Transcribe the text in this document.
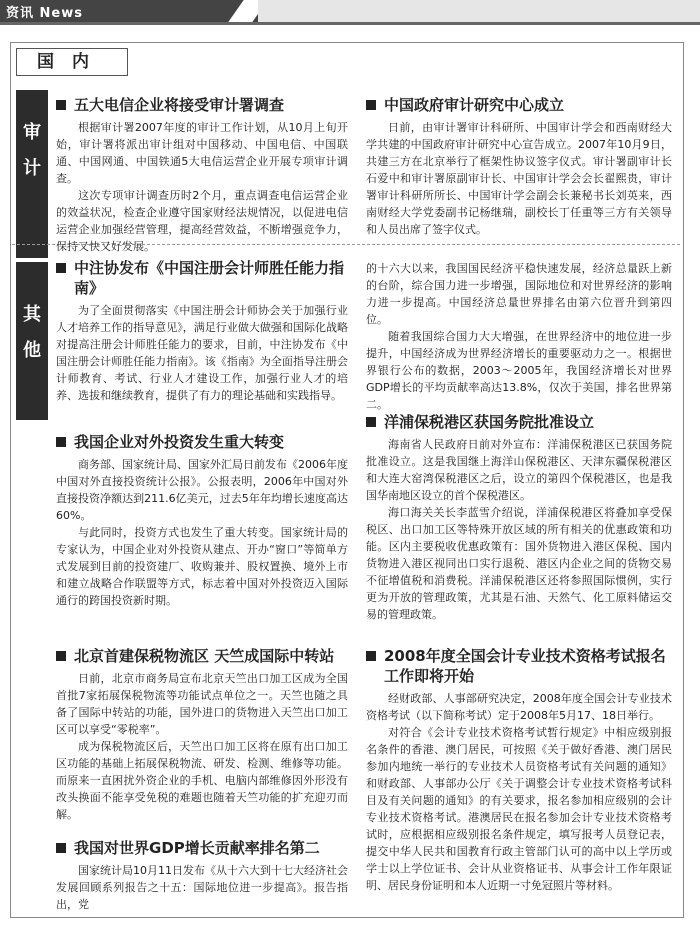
资讯 News
国内
审
计
其
他
五大电信企业将接受审计署调查

根据审计署2007年度的审计工作计划，从10月上旬开始，审计署将派出审计组对中国移动、中国电信、中国联通、中国网通、中国铁通5大电信运营企业开展专项审计调查。

这次专项审计调查历时2个月，重点调查电信运营企业的效益状况，检查企业遵守国家财经法规情况，以促进电信运营企业加强经营管理，提高经营效益，不断增强竞争力，保持又快又好发展。

中国政府审计研究中心成立

日前，由审计署审计科研所、中国审计学会和西南财经大学共建的中国政府审计研究中心宣告成立。2007年10月9日，共建三方在北京举行了框架性协议签字仪式。审计署副审计长石爱中和审计署原副审计长、中国审计学会会长翟熙贵，审计署审计科研所所长、中国审计学会副会长兼秘书长刘英来，西南财经大学党委副书记杨继瑞，副校长丁任重等三方有关领导和人员出席了签字仪式。

中注协发布《中国注册会计师胜任能力指南》

为了全面贯彻落实《中国注册会计师协会关于加强行业人才培养工作的指导意见》，满足行业做大做强和国际化战略对提高注册会计师胜任能力的要求，目前，中注协发布《中国注册会计师胜任能力指南》。该《指南》为全面指导注册会计师教育、考试、行业人才建设工作，加强行业人才的培养、选拔和继续教育，提供了有力的理论基础和实践指导。

我国企业对外投资发生重大转变

商务部、国家统计局、国家外汇局日前发布《2006年度中国对外直接投资统计公报》。公报表明，2006年中国对外直接投资净额达到211.6亿美元，过去5年年均增长速度高达60%。

与此同时，投资方式也发生了重大转变。国家统计局的专家认为，中国企业对外投资从建点、开办“窗口”等简单方式发展到目前的投资建厂、收购兼并、股权置换、境外上市和建立战略合作联盟等方式，标志着中国对外投资迈入国际通行的跨国投资新时期。

北京首建保税物流区 天竺成国际中转站

日前，北京市商务局宣布北京天竺出口加工区成为全国首批7家拓展保税物流等功能试点单位之一。天竺也随之具备了国际中转站的功能，国外进口的货物进入天竺出口加工区可以享受“零税率”。

成为保税物流区后，天竺出口加工区将在原有出口加工区功能的基础上拓展保税物流、研发、检测、维修等功能。而原来一直困扰外资企业的手机、电脑内部维修因外形没有改头换面不能享受免税的难题也随着天竺功能的扩充迎刃而解。

我国对世界GDP增长贡献率排名第二

国家统计局10月11日发布《从十六大到十七大经济社会发展回顾系列报告之十五：国际地位进一步提高》。报告指出，党

的十六大以来，我国国民经济平稳快速发展，经济总量跃上新的台阶，综合国力进一步增强，国际地位和对世界经济的影响力进一步提高。中国经济总量世界排名由第六位晋升到第四位。

随着我国综合国力大大增强，在世界经济中的地位进一步提升，中国经济成为世界经济增长的重要驱动力之一。根据世界银行公布的数据，2003～2005年，我国经济增长对世界GDP增长的平均贡献率高达13.8%，仅次于美国，排名世界第二。

洋浦保税港区获国务院批准设立

海南省人民政府日前对外宣布：洋浦保税港区已获国务院批准设立。这是我国继上海洋山保税港区、天津东疆保税港区和大连大窑湾保税港区之后，设立的第四个保税港区，也是我国华南地区设立的首个保税港区。

海口海关关长李蓝雪介绍说，洋浦保税港区将叠加享受保税区、出口加工区等特殊开放区域的所有相关的优惠政策和功能。区内主要税收优惠政策有：国外货物进入港区保税、国内货物进入港区视同出口实行退税、港区内企业之间的货物交易不征增值税和消费税。洋浦保税港区还将参照国际惯例，实行更为开放的管理政策，尤其是石油、天然气、化工原料储运交易的管理政策。

2008年度全国会计专业技术资格考试报名工作即将开始

经财政部、人事部研究决定，2008年度全国会计专业技术资格考试（以下简称考试）定于2008年5月17、18日举行。

对符合《会计专业技术资格考试暂行规定》中相应级别报名条件的香港、澳门居民，可按照《关于做好香港、澳门居民参加内地统一举行的专业技术人员资格考试有关问题的通知》和财政部、人事部办公厅《关于调整会计专业技术资格考试科目及有关问题的通知》的有关要求，报名参加相应级别的会计专业技术资格考试。港澳居民在报名参加会计专业技术资格考试时，应根据相应级别报名条件规定，填写报考人员登记表，提交中华人民共和国教育行政主管部门认可的高中以上学历或学士以上学位证书、会计从业资格证书、从事会计工作年限证明、居民身份证明和本人近期一寸免冠照片等材料。
